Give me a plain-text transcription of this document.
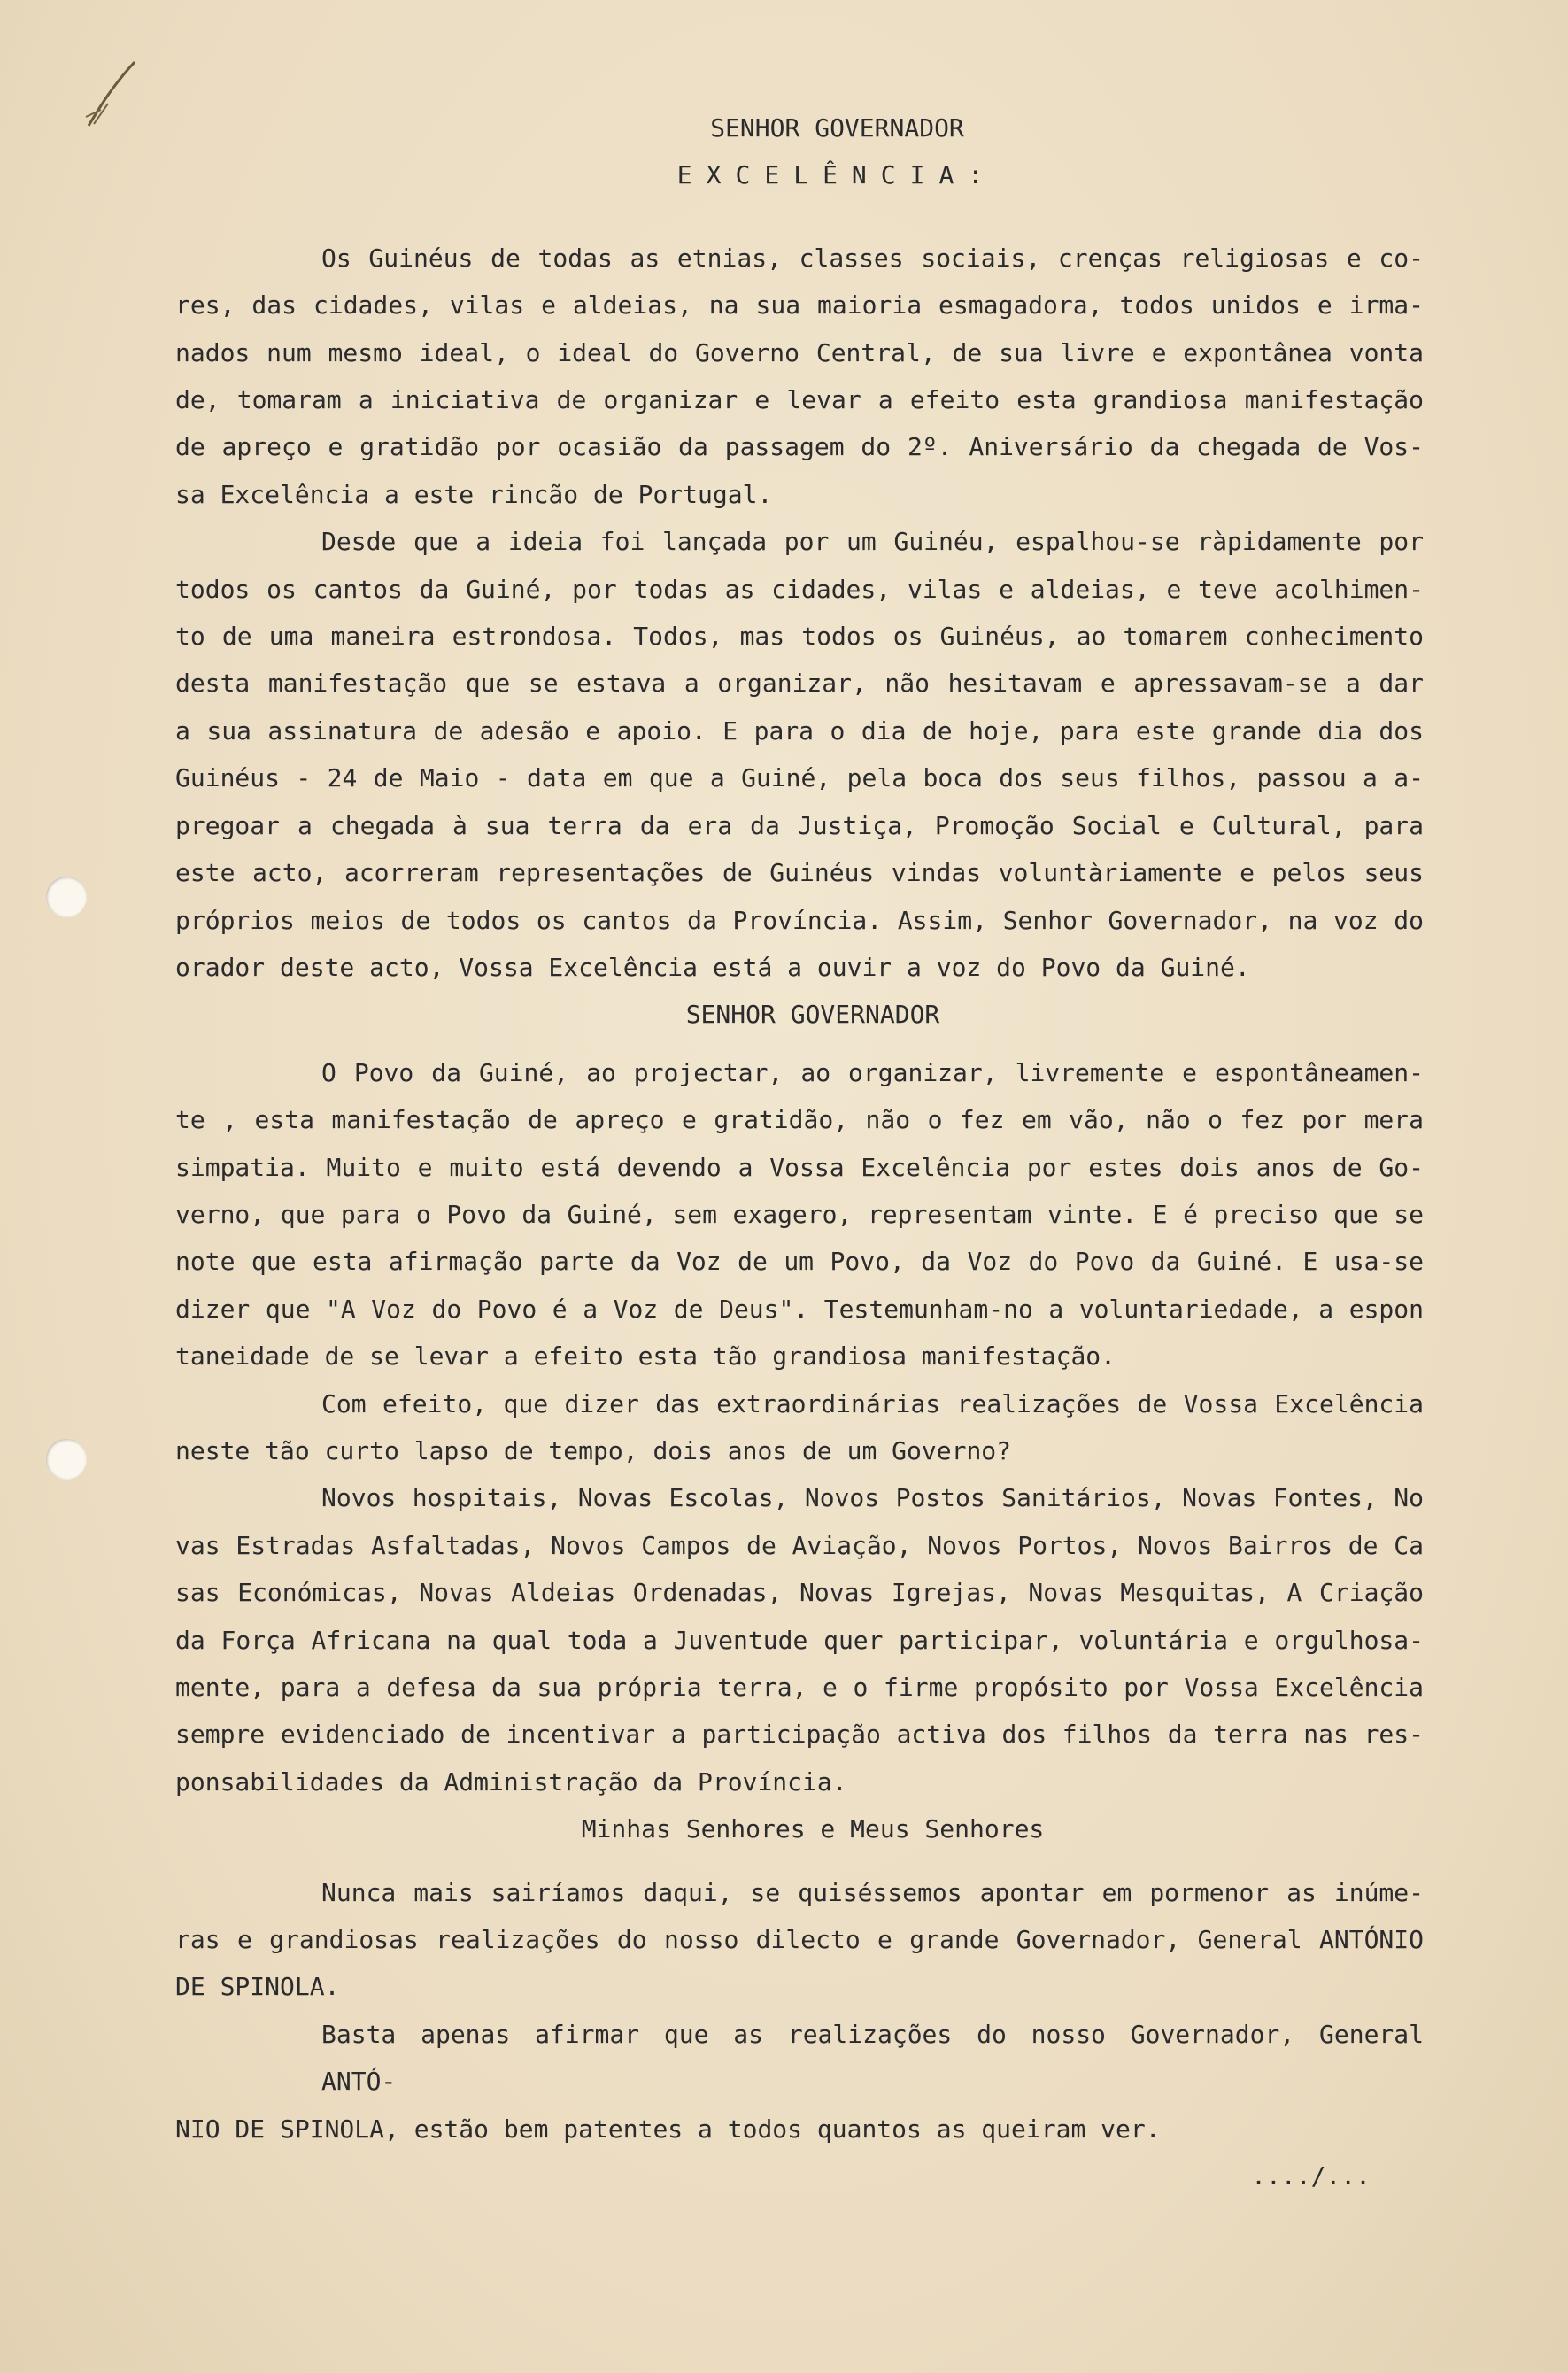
SENHOR GOVERNADOR
EXCELÊNCIA:
Os Guinéus de todas as etnias, classes sociais, crenças religiosas e co-
res, das cidades, vilas e aldeias, na sua maioria esmagadora, todos unidos e irma-
nados num mesmo ideal, o ideal do Governo Central, de sua livre e expontânea vonta
de, tomaram a iniciativa de organizar e levar a efeito esta grandiosa manifestação
de apreço e gratidão por ocasião da passagem do 2º. Aniversário da chegada de Vos-
sa Excelência a este rincão de Portugal.
Desde que a ideia foi lançada por um Guinéu, espalhou-se ràpidamente por
todos os cantos da Guiné, por todas as cidades, vilas e aldeias, e teve acolhimen-
to de uma maneira estrondosa. Todos, mas todos os Guinéus, ao tomarem conhecimento
desta manifestação que se estava a organizar, não hesitavam e apressavam-se a dar
a sua assinatura de adesão e apoio. E para o dia de hoje, para este grande dia dos
Guinéus - 24 de Maio - data em que a Guiné, pela boca dos seus filhos, passou a a-
pregoar a chegada à sua terra da era da Justiça, Promoção Social e Cultural, para
este acto, acorreram representações de Guinéus vindas voluntàriamente e pelos seus
próprios meios de todos os cantos da Província. Assim, Senhor Governador, na voz do
orador deste acto, Vossa Excelência está a ouvir a voz do Povo da Guiné.
SENHOR GOVERNADOR
O Povo da Guiné, ao projectar, ao organizar, livremente e espontâneamen-
te , esta manifestação de apreço e gratidão, não o fez em vão, não o fez por mera
simpatia. Muito e muito está devendo a Vossa Excelência por estes dois anos de Go-
verno, que para o Povo da Guiné, sem exagero, representam vinte. E é preciso que se
note que esta afirmação parte da Voz de um Povo, da Voz do Povo da Guiné. E usa-se
dizer que "A Voz do Povo é a Voz de Deus". Testemunham-no a voluntariedade, a espon
taneidade de se levar a efeito esta tão grandiosa manifestação.
Com efeito, que dizer das extraordinárias realizações de Vossa Excelência
neste tão curto lapso de tempo, dois anos de um Governo?
Novos hospitais, Novas Escolas, Novos Postos Sanitários, Novas Fontes, No
vas Estradas Asfaltadas, Novos Campos de Aviação, Novos Portos, Novos Bairros de Ca
sas Económicas, Novas Aldeias Ordenadas, Novas Igrejas, Novas Mesquitas, A Criação
da Força Africana na qual toda a Juventude quer participar, voluntária e orgulhosa-
mente, para a defesa da sua própria terra, e o firme propósito por Vossa Excelência
sempre evidenciado de incentivar a participação activa dos filhos da terra nas res-
ponsabilidades da Administração da Província.
Minhas Senhores e Meus Senhores
Nunca mais sairíamos daqui, se quiséssemos apontar em pormenor as inúme-
ras e grandiosas realizações do nosso dilecto e grande Governador, General ANTÓNIO
DE SPINOLA.
Basta apenas afirmar que as realizações do nosso Governador, General ANTÓ-
NIO DE SPINOLA, estão bem patentes a todos quantos as queiram ver.
..../...
